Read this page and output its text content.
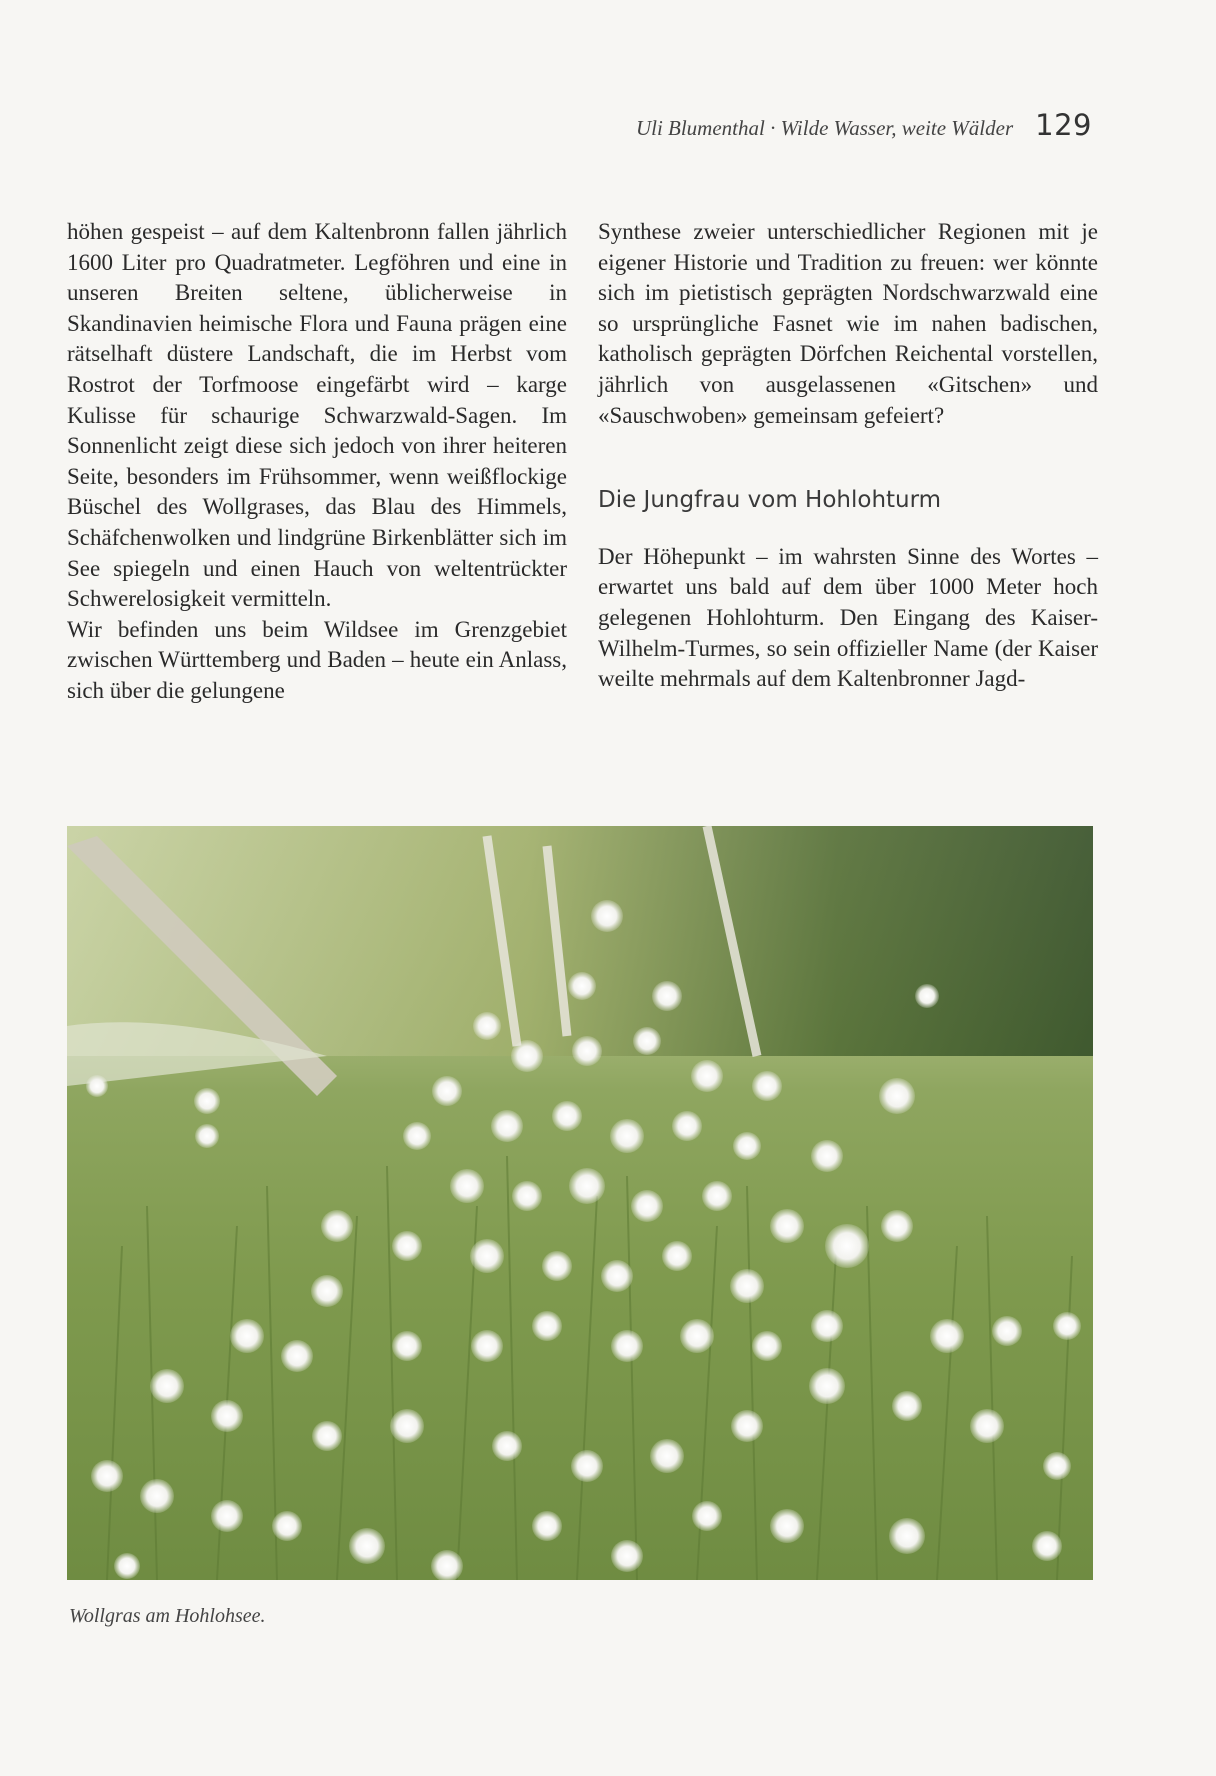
Uli Blumenthal · Wilde Wasser, weite Wälder 129

höhen gespeist – auf dem Kaltenbronn fallen jährlich 1600 Liter pro Quadratmeter. Legföhren und eine in unseren Breiten seltene, üblicherweise in Skandinavien heimische Flora und Fauna prägen eine rätselhaft düstere Landschaft, die im Herbst vom Rostrot der Torfmoose eingefärbt wird – karge Kulisse für schaurige Schwarzwald-Sagen. Im Sonnenlicht zeigt diese sich jedoch von ihrer heiteren Seite, besonders im Frühsommer, wenn weißflockige Büschel des Wollgrases, das Blau des Himmels, Schäfchenwolken und lindgrüne Birkenblätter sich im See spiegeln und einen Hauch von weltentrückter Schwerelosigkeit vermitteln.

Wir befinden uns beim Wildsee im Grenzgebiet zwischen Württemberg und Baden – heute ein Anlass, sich über die gelungene

Synthese zweier unterschiedlicher Regionen mit je eigener Historie und Tradition zu freuen: wer könnte sich im pietistisch geprägten Nordschwarzwald eine so ursprüngliche Fasnet wie im nahen badischen, katholisch geprägten Dörfchen Reichental vorstellen, jährlich von ausgelassenen «Gitschen» und «Sauschwoben» gemeinsam gefeiert?

Die Jungfrau vom Hohlohturm

Der Höhepunkt – im wahrsten Sinne des Wortes – erwartet uns bald auf dem über 1000 Meter hoch gelegenen Hohlohturm. Den Eingang des Kaiser-Wilhelm-Turmes, so sein offizieller Name (der Kaiser weilte mehrmals auf dem Kaltenbronner Jagd-

Wollgras am Hohlohsee.
